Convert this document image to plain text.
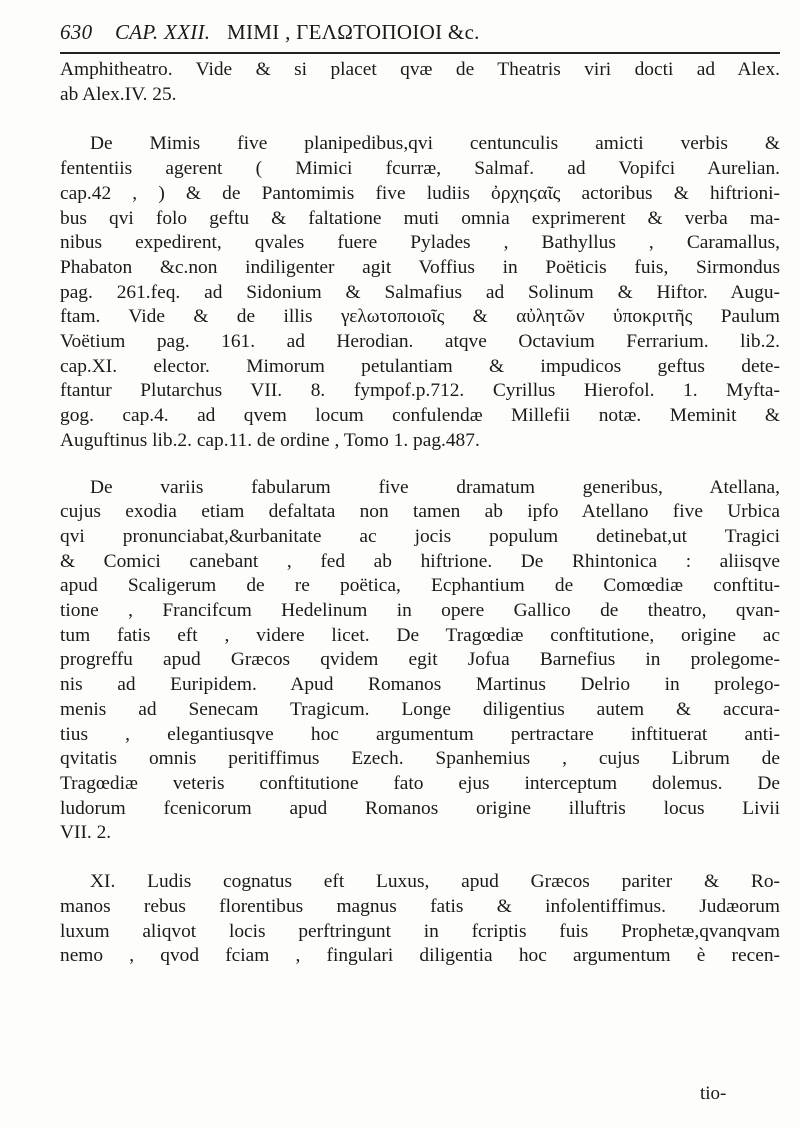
630 CAP. XXII. MIMI , ΓΕΛΩΤΟΠΟΙΟΙ &c.

Amphitheatro. Vide & si placet qvæ de Theatris viri docti ad Alex.
ab Alex.IV. 25.

De Mimis five planipedibus,qvi centunculis amicti verbis &
fententiis agerent ( Mimici fcurræ, Salmaf. ad Vopifci Aurelian.
cap.42 , ) & de Pantomimis five ludiis ὀρχηϛαῖς actoribus & hiftrioni-
bus qvi folo geftu & faltatione muti omnia exprimerent & verba ma-
nibus expedirent, qvales fuere Pylades , Bathyllus , Caramallus,
Phabaton &c.non indiligenter agit Voffius in Poëticis fuis, Sirmondus
pag. 261.feq. ad Sidonium & Salmafius ad Solinum & Hiftor. Augu-
ftam. Vide & de illis γελωτοποιοῖς & αὐλητῶν ὑποκριτῆς Paulum
Voëtium pag. 161. ad Herodian. atqve Octavium Ferrarium. lib.2.
cap.XI. elector. Mimorum petulantiam & impudicos geftus dete-
ftantur Plutarchus VII. 8. fympof.p.712. Cyrillus Hierofol. 1. Myfta-
gog. cap.4. ad qvem locum confulendæ Millefii notæ. Meminit &
Auguftinus lib.2. cap.11. de ordine , Tomo 1. pag.487.

De variis fabularum five dramatum generibus, Atellana,
cujus exodia etiam defaltata non tamen ab ipfo Atellano five Urbica
qvi pronunciabat,&urbanitate ac jocis populum detinebat,ut Tragici
& Comici canebant , fed ab hiftrione. De Rhintonica : aliisqve
apud Scaligerum de re poëtica, Ecphantium de Comœdiæ conftitu-
tione , Francifcum Hedelinum in opere Gallico de theatro, qvan-
tum fatis eft , videre licet. De Tragœdiæ conftitutione, origine ac
progreffu apud Græcos qvidem egit Jofua Barnefius in prolegome-
nis ad Euripidem. Apud Romanos Martinus Delrio in prolego-
menis ad Senecam Tragicum. Longe diligentius autem & accura-
tius , elegantiusqve hoc argumentum pertractare inftituerat anti-
qvitatis omnis peritiffimus Ezech. Spanhemius , cujus Librum de
Tragœdiæ veteris conftitutione fato ejus interceptum dolemus. De
ludorum fcenicorum apud Romanos origine illuftris locus Livii
VII. 2.

XI. Ludis cognatus eft Luxus, apud Græcos pariter & Ro-
manos rebus florentibus magnus fatis & infolentiffimus. Judæorum
luxum aliqvot locis perftringunt in fcriptis fuis Prophetæ,qvanqvam
nemo , qvod fciam , fingulari diligentia hoc argumentum è recen-

tio-
